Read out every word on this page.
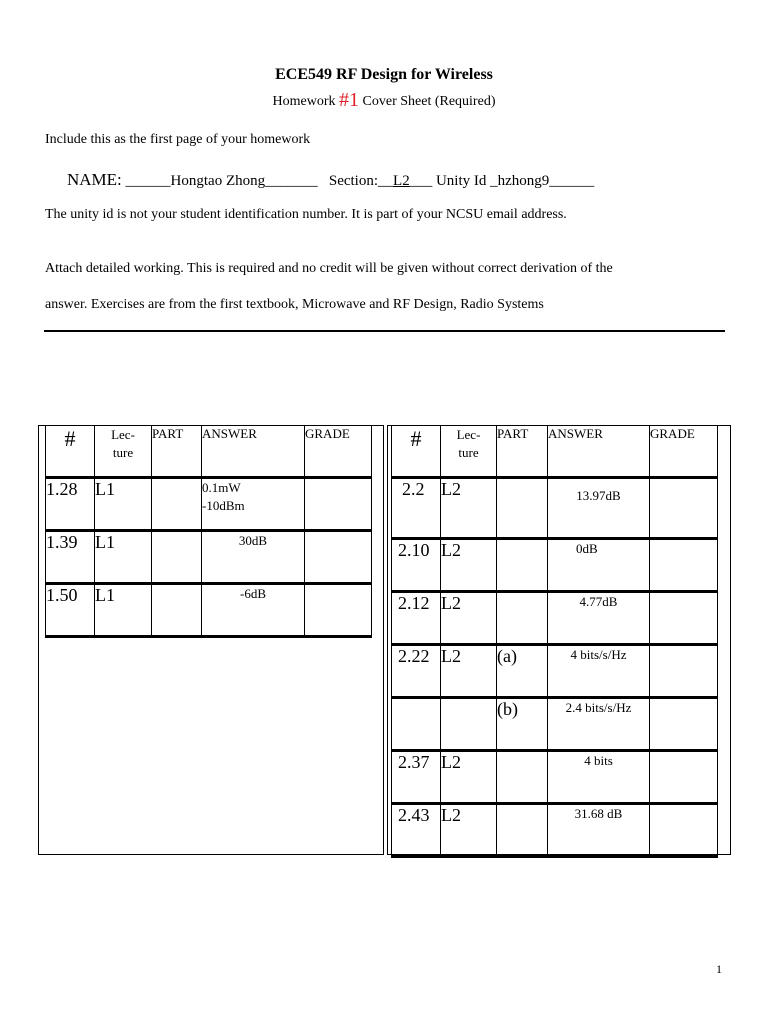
ECE549 RF Design for Wireless
Homework #1 Cover Sheet (Required)
Include this as the first page of your homework
NAME: ______Hongtao Zhong_______ Section:__L2___ Unity Id _hzhong9______
The unity id is not your student identification number. It is part of your NCSU email address.
Attach detailed working. This is required and no credit will be given without correct derivation of the
answer. Exercises are from the first textbook, Microwave and RF Design, Radio Systems
#	Lec-
ture	PART	ANSWER	GRADE
1.28	L1		0.1mW
-10dBm	
1.39	L1		30dB	
1.50	L1		-6dB	
#	Lec-
ture	PART	ANSWER	GRADE
2.2	L2		13.97dB	
2.10	L2		0dB	
2.12	L2		4.77dB	
2.22	L2	(a)	4 bits/s/Hz	
		(b)	2.4 bits/s/Hz	
2.37	L2		4 bits	
2.43	L2		31.68 dB	
1
